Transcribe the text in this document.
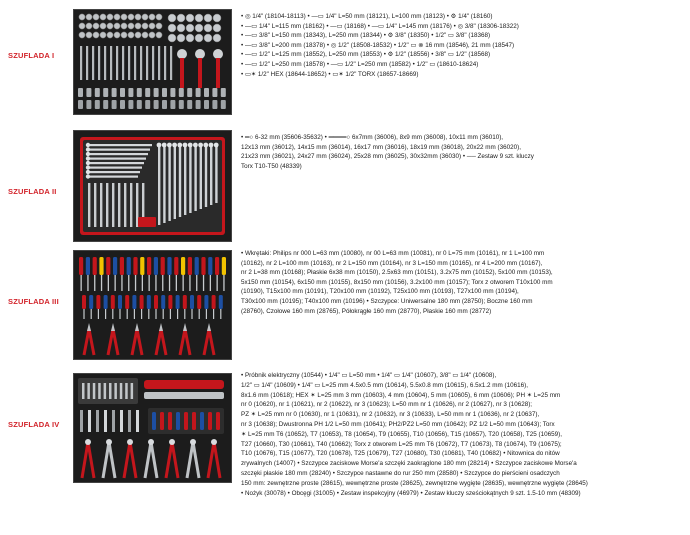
SZUFLADA I

• ◎ 1/4" (18104-18113) • —▭ 1/4" L=50 mm (18121), L=100 mm (18123) • ⚙ 1/4" (18160)

• —▭ 1/4" L=115 mm (18162) • —▭ (18168) • —▭ 1/4" L=145 mm (18176) • ◎ 3/8" (18306-18322)

• —▭ 3/8" L=150 mm (18343), L=250 mm (18344) • ⚙ 3/8" (18350) • 1/2" ▭ 3/8" (18368)

• —▭ 3/8" L=200 mm (18378) • ◎ 1/2" (18508-18532) • 1/2" ▭ ⊗ 16 mm (18546), 21 mm (18547)

• —▭ 1/2" L=125 mm (18552), L=250 mm (18553) • ⚙ 1/2" (18556) • 3/8" ▭ 1/2" (18568)

• —▭ 1/2" L=250 mm (18578) • —▭ 1/2" L=250 mm (18582) • 1/2" ▭ (18610-18624)

• ▭✶ 1/2" HEX (18644-18652) • ▭✶ 1/2" TORX (18657-18669)

SZUFLADA II

• ═○ 6-32 mm (35606-35632) • ════○ 6x7mm (36006), 8x9 mm (36008), 10x11 mm (36010),

12x13 mm (36012), 14x15 mm (36014), 16x17 mm (36016), 18x19 mm (36018), 20x22 mm (36020),

21x23 mm (36021), 24x27 mm (36024), 25x28 mm (36025), 30x32mm (36030) • ── Zestaw 9 szt. kluczy

Torx T10-T50 (48339)

SZUFLADA III

• Wkrętaki: Philips nr 000 L=63 mm (10080), nr 00 L=63 mm (10081), nr 0 L=75 mm (10161), nr 1 L=100 mm

(10162), nr 2 L=100 mm (10163), nr 2 L=150 mm (10164), nr 3 L=150 mm (10165), nr 4 L=200 mm (10167),

nr 2 L=38 mm (10168); Płaskie 6x38 mm (10150), 2.5x63 mm (10151), 3.2x75 mm (10152), 5x100 mm (10153),

5x150 mm (10154), 6x150 mm (10155), 8x150 mm (10156), 3.2x100 mm (10157); Torx z otworem T10x100 mm

(10190), T15x100 mm (10191), T20x100 mm (10192), T25x100 mm (10193), T27x100 mm (10194),

T30x100 mm (10195); T40x100 mm (10196) • Szczypce: Uniwersalne 180 mm (28750); Boczne 160 mm

(28760), Czołowe 160 mm (28765), Półokrągłe 160 mm (28770), Płaskie 160 mm (28772)

SZUFLADA IV

• Próbnik elektryczny (10544) • 1/4" ▭ L=50 mm • 1/4" ▭ 1/4" (10607), 3/8" ▭ 1/4" (10608),

1/2" ▭ 1/4" (10609) • 1/4" ▭ L=25 mm 4.5x0.5 mm (10614), 5.5x0.8 mm (10615), 6.5x1.2 mm (10616),

8x1.6 mm (10618); HEX ✶ L=25 mm 3 mm (10603), 4 mm (10604), 5 mm (10605), 6 mm (10606); PH ✶ L=25 mm

nr 0 (10620), nr 1 (10621), nr 2 (10622), nr 3 (10623); L=50 mm nr 1 (10626), nr 2 (10627), nr 3 (10628);

PZ ✶ L=25 mm nr 0 (10630), nr 1 (10631), nr 2 (10632), nr 3 (10633), L=50 mm nr 1 (10636), nr 2 (10637),

nr 3 (10638); Dwustronna PH 1/2 L=50 mm (10641); PH2/PZ2 L=50 mm (10642); PZ 1/2 L=50 mm (10643); Torx

✶ L=25 mm T6 (10652), T7 (10653), T8 (10654), T9 (10655), T10 (10656), T15 (10657), T20 (10658), T25 (10659),

T27 (10660), T30 (10661), T40 (10662); Torx z otworem L=25 mm T6 (10672), T7 (10673), T8 (10674), T9 (10675);

T10 (10676), T15 (10677), T20 (10678), T25 (10679), T27 (10680), T30 (10681), T40 (10682) • Nitownica do nitów

zrywalnych (14007) • Szczypce zaciskowe Morse'a szczęki zaokrąglone 180 mm (28214) • Szczypce zaciskowe Morse'a

szczęki płaskie 180 mm (28240) • Szczypce nastawne do rur 250 mm (28580) • Szczypce do pierścieni osadczych

150 mm: zewnętrzne proste (28615), wewnętrzne proste (28625), zewnętrzne wygięte (28635), wewnętrzne wygięte (28645)

• Nożyk (30078) • Obcęgi (31005) • Zestaw inspekcyjny (46979) • Zestaw kluczy sześciokątnych 9 szt. 1.5-10 mm (48309)
